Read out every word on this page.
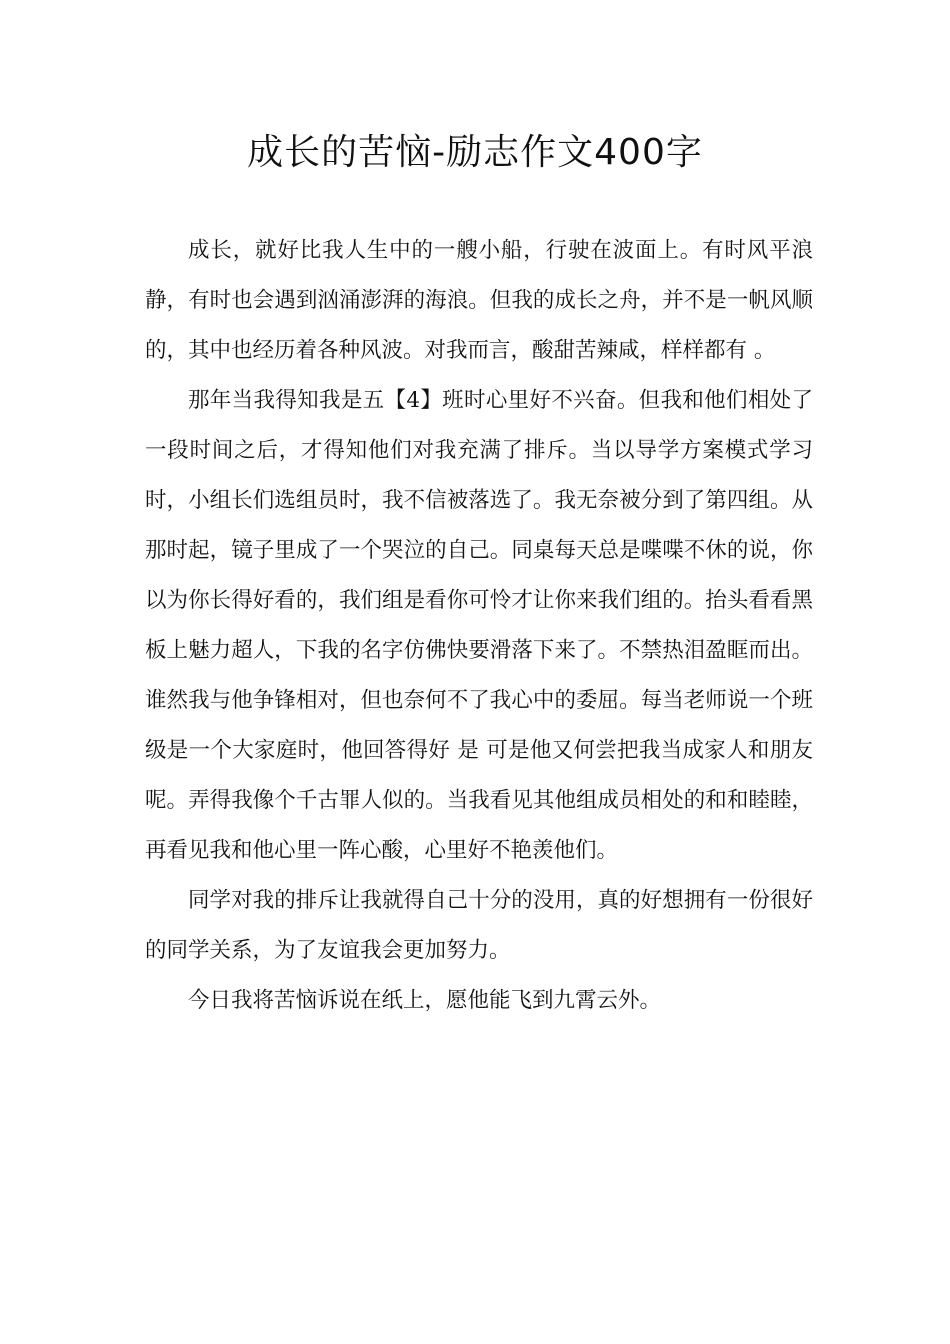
成长的苦恼-励志作文400字

成长，就好比我人生中的一艘小船，行驶在波面上。有时风平浪静，有时也会遇到汹涌澎湃的海浪。但我的成长之舟，并不是一帆风顺的，其中也经历着各种风波。对我而言，酸甜苦辣咸，样样都有 。

那年当我得知我是五【4】班时心里好不兴奋。但我和他们相处了一段时间之后，才得知他们对我充满了排斥。当以导学方案模式学习时，小组长们选组员时，我不信被落选了。我无奈被分到了第四组。从那时起，镜子里成了一个哭泣的自己。同桌每天总是喋喋不休的说，你以为你长得好看的，我们组是看你可怜才让你来我们组的。抬头看看黑板上魅力超人，下我的名字仿佛快要滑落下来了。不禁热泪盈眶而出。谁然我与他争锋相对，但也奈何不了我心中的委屈。每当老师说一个班级是一个大家庭时，他回答得好 是 可是他又何尝把我当成家人和朋友呢。弄得我像个千古罪人似的。当我看见其他组成员相处的和和睦睦，再看见我和他心里一阵心酸，心里好不艳羡他们。

同学对我的排斥让我就得自己十分的没用，真的好想拥有一份很好的同学关系，为了友谊我会更加努力。

今日我将苦恼诉说在纸上，愿他能飞到九霄云外。
